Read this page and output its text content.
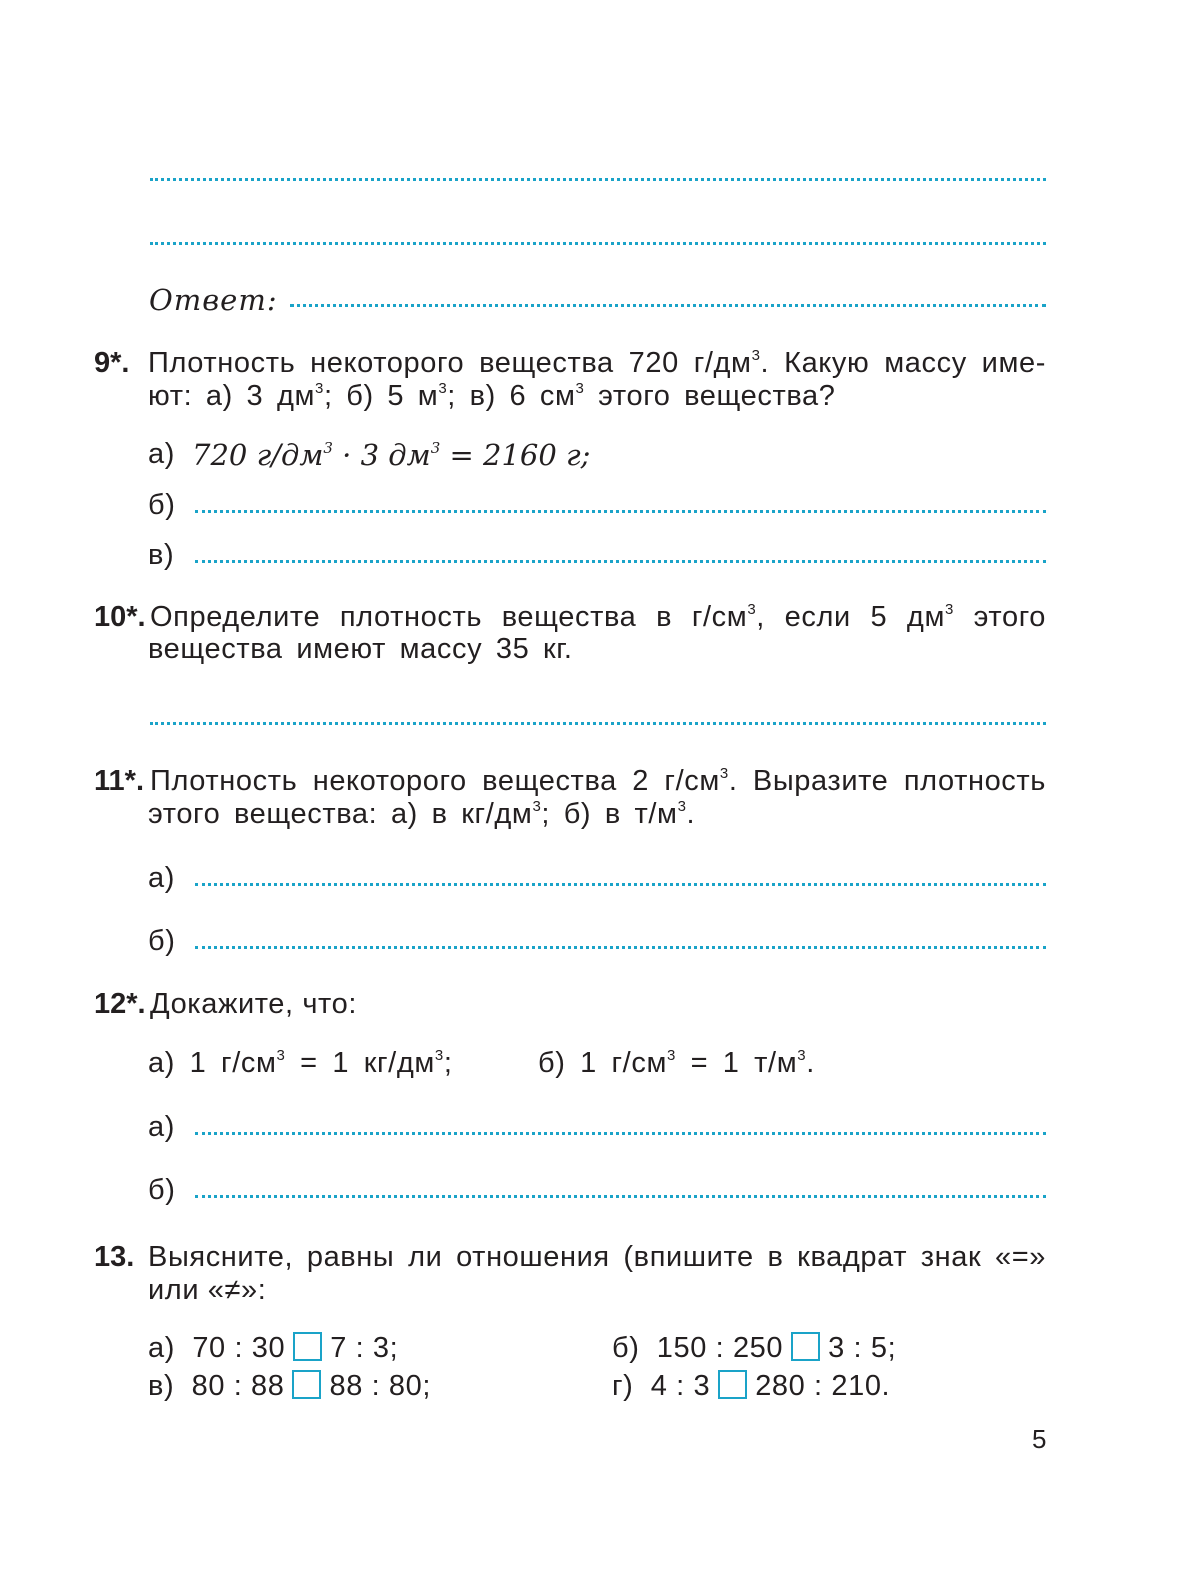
Ответ:
9*. Плотность некоторого вещества 720 $г/дм^3$. Какую массу име-
ют: а) 3 $дм^3$; б) 5 $м^3$; в) 6 $см^3$ этого вещества?
а) 720 $г/дм^3 \cdot 3$ $дм^3 = 2160$ г;
б)
в)
10*. Определите плотность вещества в $г/см^3$, если 5 $дм^3$ этого
вещества имеют массу 35 кг.
11*. Плотность некоторого вещества 2 $г/см^3$. Выразите плотность
этого вещества: а) в $кг/дм^3$; б) в $т/м^3$.
а)
б)
12*. Докажите, что:
а) 1 $г/см^3 = 1$ $кг/дм^3$;	б) 1 $г/см^3 = 1$ $т/м^3$.
а)
б)
13. Выясните, равны ли отношения (впишите в квадрат знак «=»
или «≠»:
а) 70 : 30 7 : 3;	б) 150 : 250 3 : 5;
в) 80 : 88 88 : 80;	г) 4 : 3 280 : 210.
5
